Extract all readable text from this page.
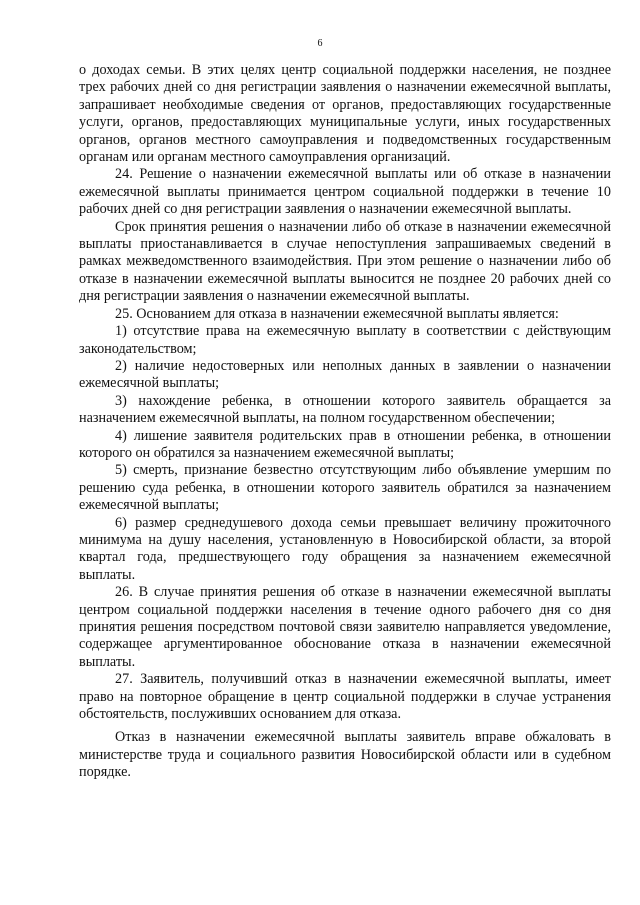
6

о доходах семьи. В этих целях центр социальной поддержки населения, не позднее трех рабочих дней со дня регистрации заявления о назначении ежемесячной выплаты, запрашивает необходимые сведения от органов, предоставляющих государственные услуги, органов, предоставляющих муниципальные услуги, иных государственных органов, органов местного самоуправления и подведомственных государственным органам или органам местного самоуправления организаций.

24. Решение о назначении ежемесячной выплаты или об отказе в назначении ежемесячной выплаты принимается центром социальной поддержки в течение 10 рабочих дней со дня регистрации заявления о назначении ежемесячной выплаты.

Срок принятия решения о назначении либо об отказе в назначении ежемесячной выплаты приостанавливается в случае непоступления запрашиваемых сведений в рамках межведомственного взаимодействия. При этом решение о назначении либо об отказе в назначении ежемесячной выплаты выносится не позднее 20 рабочих дней со дня регистрации заявления о назначении ежемесячной выплаты.

25. Основанием для отказа в назначении ежемесячной выплаты является:

1) отсутствие права на ежемесячную выплату в соответствии с действующим законодательством;

2) наличие недостоверных или неполных данных в заявлении о назначении ежемесячной выплаты;

3) нахождение ребенка, в отношении которого заявитель обращается за назначением ежемесячной выплаты, на полном государственном обеспечении;

4) лишение заявителя родительских прав в отношении ребенка, в отношении которого он обратился за назначением ежемесячной выплаты;

5) смерть, признание безвестно отсутствующим либо объявление умершим по решению суда ребенка, в отношении которого заявитель обратился за назначением ежемесячной выплаты;

6) размер среднедушевого дохода семьи превышает величину прожиточного минимума на душу населения, установленную в Новосибирской области, за второй квартал года, предшествующего году обращения за назначением ежемесячной выплаты.

26. В случае принятия решения об отказе в назначении ежемесячной выплаты центром социальной поддержки населения в течение одного рабочего дня со дня принятия решения посредством почтовой связи заявителю направляется уведомление, содержащее аргументированное обоснование отказа в назначении ежемесячной выплаты.

27. Заявитель, получивший отказ в назначении ежемесячной выплаты, имеет право на повторное обращение в центр социальной поддержки в случае устранения обстоятельств, послуживших основанием для отказа.

Отказ в назначении ежемесячной выплаты заявитель вправе обжаловать в министерстве труда и социального развития Новосибирской области или в судебном порядке.
